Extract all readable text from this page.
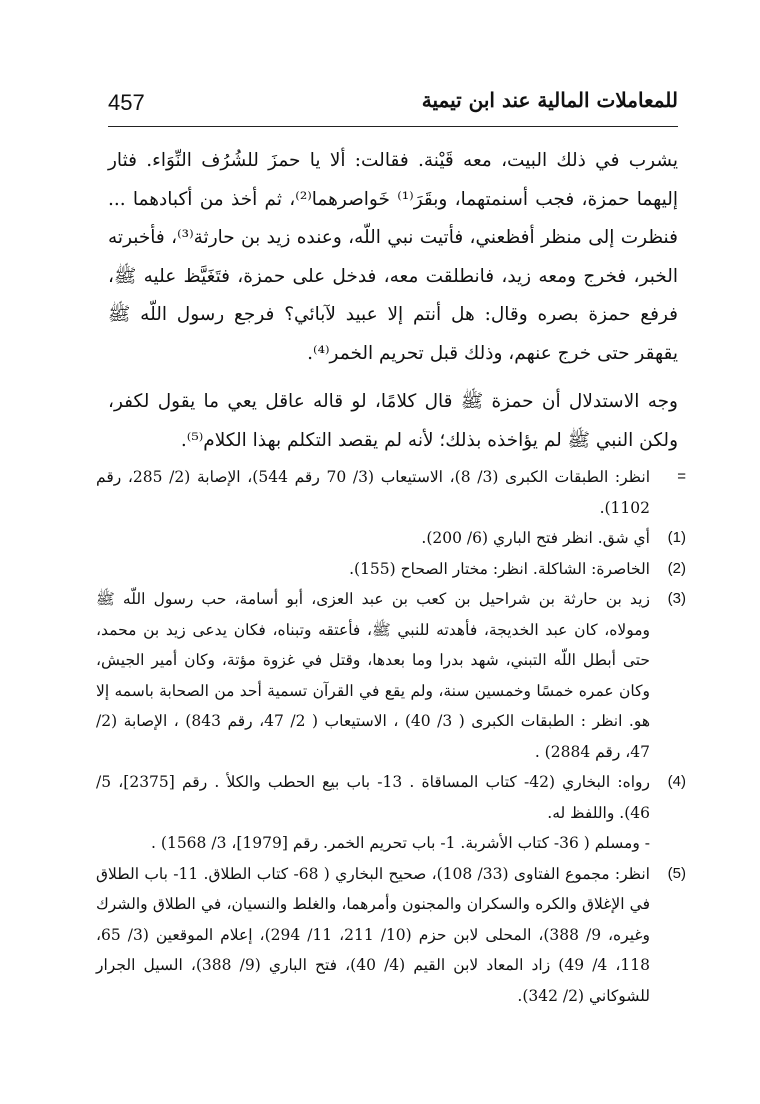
457	للمعاملات المالية عند ابن تيمية

يشرب في ذلك البيت، معه قَيْنة. فقالت: ألا يا حمزَ للشُرُف النِّوَاء. فثار إليهما حمزة، فجب أسنمتهما، وبقَرَ⁽¹⁾ خَواصرهما⁽²⁾، ثم أخذ من أكبادهما ... فنظرت إلى منظر أفظعني، فأتيت نبي اللّه، وعنده زيد بن حارثة⁽³⁾، فأخبرته الخبر، فخرج ومعه زيد، فانطلقت معه، فدخل على حمزة، فتَغَيَّظ عليه ﷺ، فرفع حمزة بصره وقال: هل أنتم إلا عبيد لآبائي؟ فرجع رسول اللّه ﷺ يقهقر حتى خرج عنهم، وذلك قبل تحريم الخمر⁽⁴⁾.

وجه الاستدلال أن حمزة ﷺ قال كلامًا، لو قاله عاقل يعي ما يقول لكفر، ولكن النبي ﷺ لم يؤاخذه بذلك؛ لأنه لم يقصد التكلم بهذا الكلام⁽⁵⁾.

=
انظر: الطبقات الكبرى (3/ 8)، الاستيعاب (3/ 70 رقم 544)، الإصابة (2/ 285، رقم 1102).
(1)
أي شق. انظر فتح الباري (6/ 200).
(2)
الخاصرة: الشاكلة. انظر: مختار الصحاح (155).
(3)
زيد بن حارثة بن شراحيل بن كعب بن عبد العزى، أبو أسامة، حب رسول اللّه ﷺ ومولاه، كان عبد الخديجة، فأهدته للنبي ﷺ، فأعتقه وتبناه، فكان يدعى زيد بن محمد، حتى أبطل اللّه التبني، شهد بدرا وما بعدها، وقتل في غزوة مؤتة، وكان أمير الجيش، وكان عمره خمسًا وخمسين سنة، ولم يقع في القرآن تسمية أحد من الصحابة باسمه إلا هو. انظر : الطبقات الكبرى ( 3/ 40) ، الاستيعاب ( 2/ 47، رقم 843) ، الإصابة (2/ 47، رقم 2884) .
(4)
رواه: البخاري (42- كتاب المساقاة . 13- باب بيع الحطب والكلأ . رقم [2375]، 5/ 46). واللفظ له.
- ومسلم ( 36- كتاب الأشربة. 1- باب تحريم الخمر. رقم [1979]، 3/ 1568) .
(5)
انظر: مجموع الفتاوى (33/ 108)، صحيح البخاري ( 68- كتاب الطلاق. 11- باب الطلاق في الإغلاق والكره والسكران والمجنون وأمرهما، والغلط والنسيان، في الطلاق والشرك وغيره، 9/ 388)، المحلى لابن حزم (10/ 211، 11/ 294)، إعلام الموقعين (3/ 65، 118، 4/ 49) زاد المعاد لابن القيم (4/ 40)، فتح الباري (9/ 388)، السيل الجرار للشوكاني (2/ 342).
